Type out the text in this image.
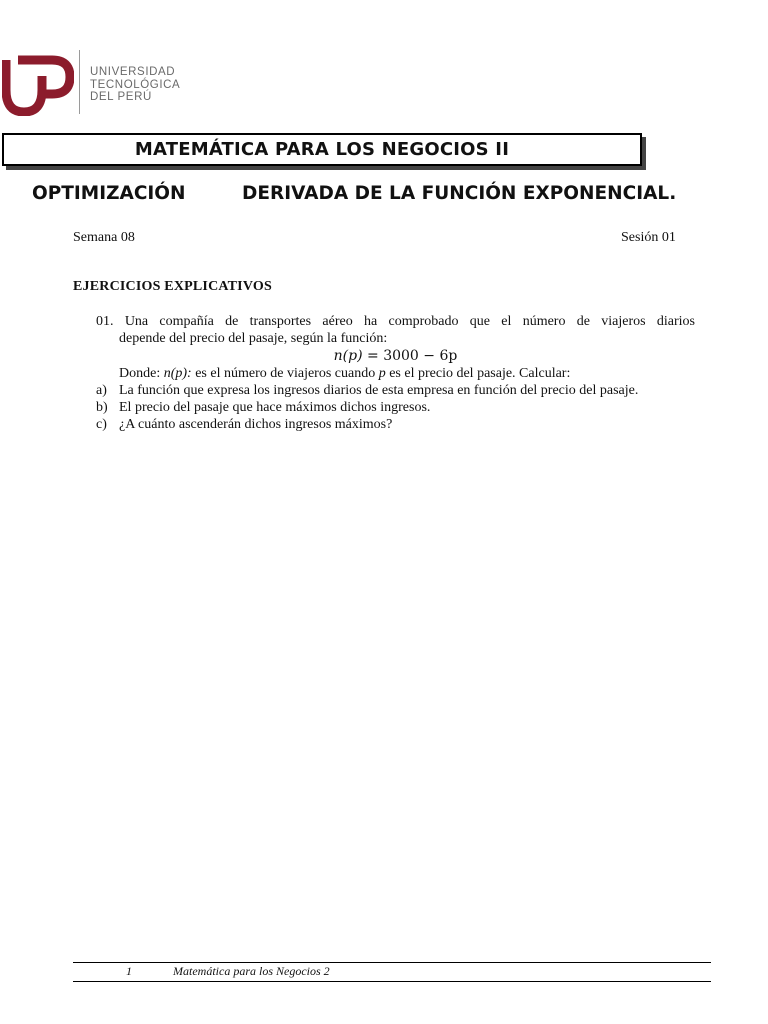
UNIVERSIDAD
TECNOLÓGICA
DEL PERÚ
MATEMÁTICA PARA LOS NEGOCIOS II
OPTIMIZACIÓN	DERIVADA DE LA FUNCIÓN EXPONENCIAL.
Semana 08	Sesión 01
EJERCICIOS EXPLICATIVOS
01. Una compañía de transportes aéreo ha comprobado que el número de viajeros diarios
depende del precio del pasaje, según la función:
n(p) = 3000 − 6p
Donde: n(p): es el número de viajeros cuando p es el precio del pasaje. Calcular:
a) La función que expresa los ingresos diarios de esta empresa en función del precio del pasaje.
b) El precio del pasaje que hace máximos dichos ingresos.
c) ¿A cuánto ascenderán dichos ingresos máximos?
1	Matemática para los Negocios 2
